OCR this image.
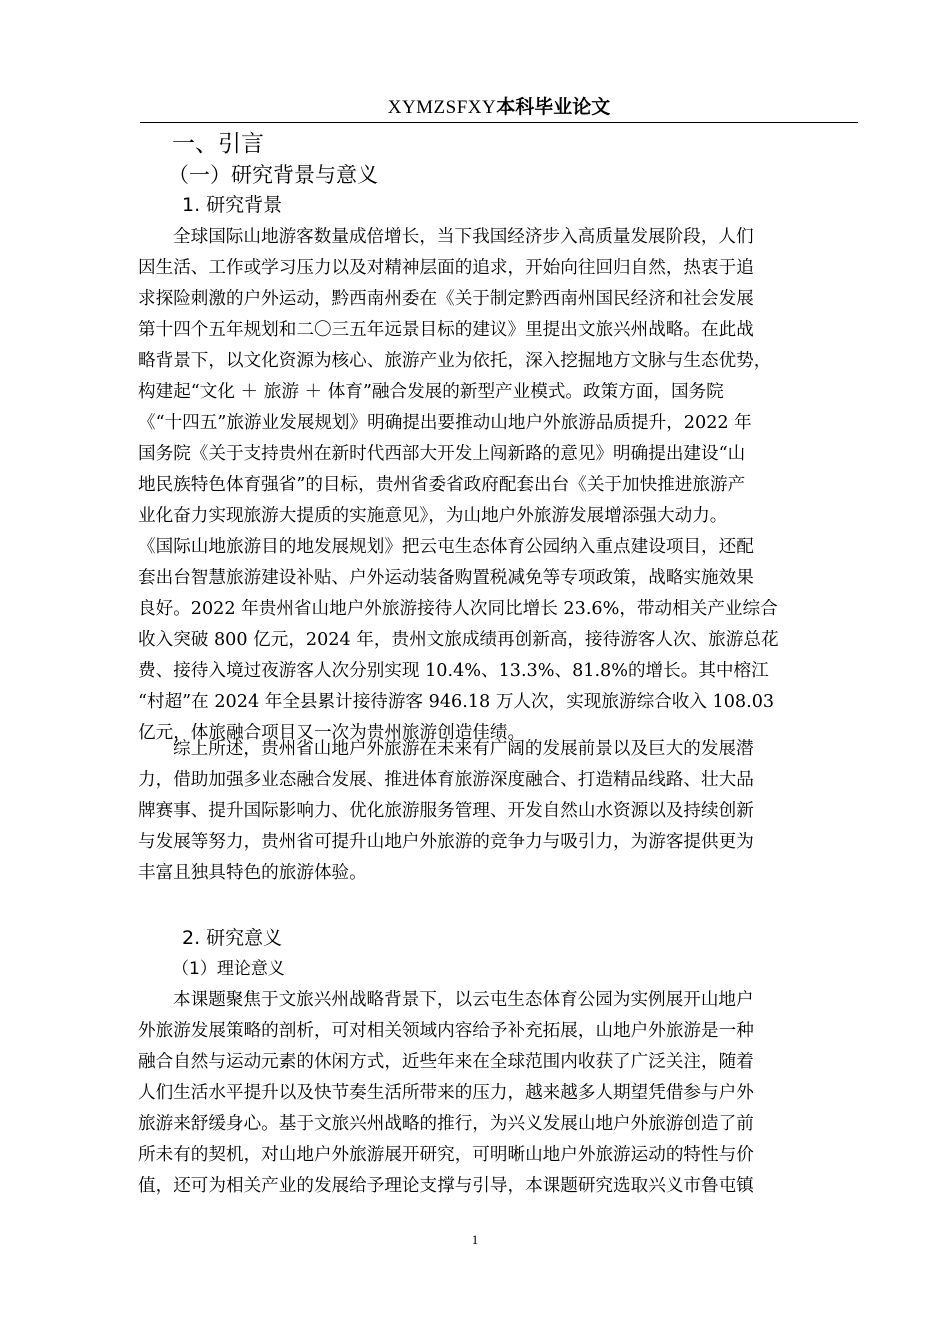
XYMZSFXY本科毕业论文
一、引言
（一）研究背景与意义
1. 研究背景
全球国际山地游客数量成倍增长，当下我国经济步入高质量发展阶段，人们
因生活、工作或学习压力以及对精神层面的追求，开始向往回归自然，热衷于追
求探险刺激的户外运动，黔西南州委在《关于制定黔西南州国民经济和社会发展
第十四个五年规划和二〇三五年远景目标的建议》里提出文旅兴州战略。在此战
略背景下，以文化资源为核心、旅游产业为依托，深入挖掘地方文脉与生态优势，
构建起“文化 ＋ 旅游 ＋ 体育”融合发展的新型产业模式。政策方面，国务院
《“十四五”旅游业发展规划》明确提出要推动山地户外旅游品质提升，2022 年
国务院《关于支持贵州在新时代西部大开发上闯新路的意见》明确提出建设“山
地民族特色体育强省”的目标，贵州省委省政府配套出台《关于加快推进旅游产
业化奋力实现旅游大提质的实施意见》，为山地户外旅游发展增添强大动力。
《国际山地旅游目的地发展规划》把云屯生态体育公园纳入重点建设项目，还配
套出台智慧旅游建设补贴、户外运动装备购置税减免等专项政策，战略实施效果
良好。2022 年贵州省山地户外旅游接待人次同比增长 23.6%，带动相关产业综合
收入突破 800 亿元，2024 年，贵州文旅成绩再创新高，接待游客人次、旅游总花
费、接待入境过夜游客人次分别实现 10.4%、13.3%、81.8%的增长。其中榕江
“村超”在 2024 年全县累计接待游客 946.18 万人次，实现旅游综合收入 108.03
亿元，体旅融合项目又一次为贵州旅游创造佳绩。
综上所述，贵州省山地户外旅游在未来有广阔的发展前景以及巨大的发展潜
力，借助加强多业态融合发展、推进体育旅游深度融合、打造精品线路、壮大品
牌赛事、提升国际影响力、优化旅游服务管理、开发自然山水资源以及持续创新
与发展等努力，贵州省可提升山地户外旅游的竞争力与吸引力，为游客提供更为
丰富且独具特色的旅游体验。
2. 研究意义
（1）理论意义
本课题聚焦于文旅兴州战略背景下，以云屯生态体育公园为实例展开山地户
外旅游发展策略的剖析，可对相关领域内容给予补充拓展，山地户外旅游是一种
融合自然与运动元素的休闲方式，近些年来在全球范围内收获了广泛关注，随着
人们生活水平提升以及快节奏生活所带来的压力，越来越多人期望凭借参与户外
旅游来舒缓身心。基于文旅兴州战略的推行，为兴义发展山地户外旅游创造了前
所未有的契机，对山地户外旅游展开研究，可明晰山地户外旅游运动的特性与价
值，还可为相关产业的发展给予理论支撑与引导，本课题研究选取兴义市鲁屯镇
1
